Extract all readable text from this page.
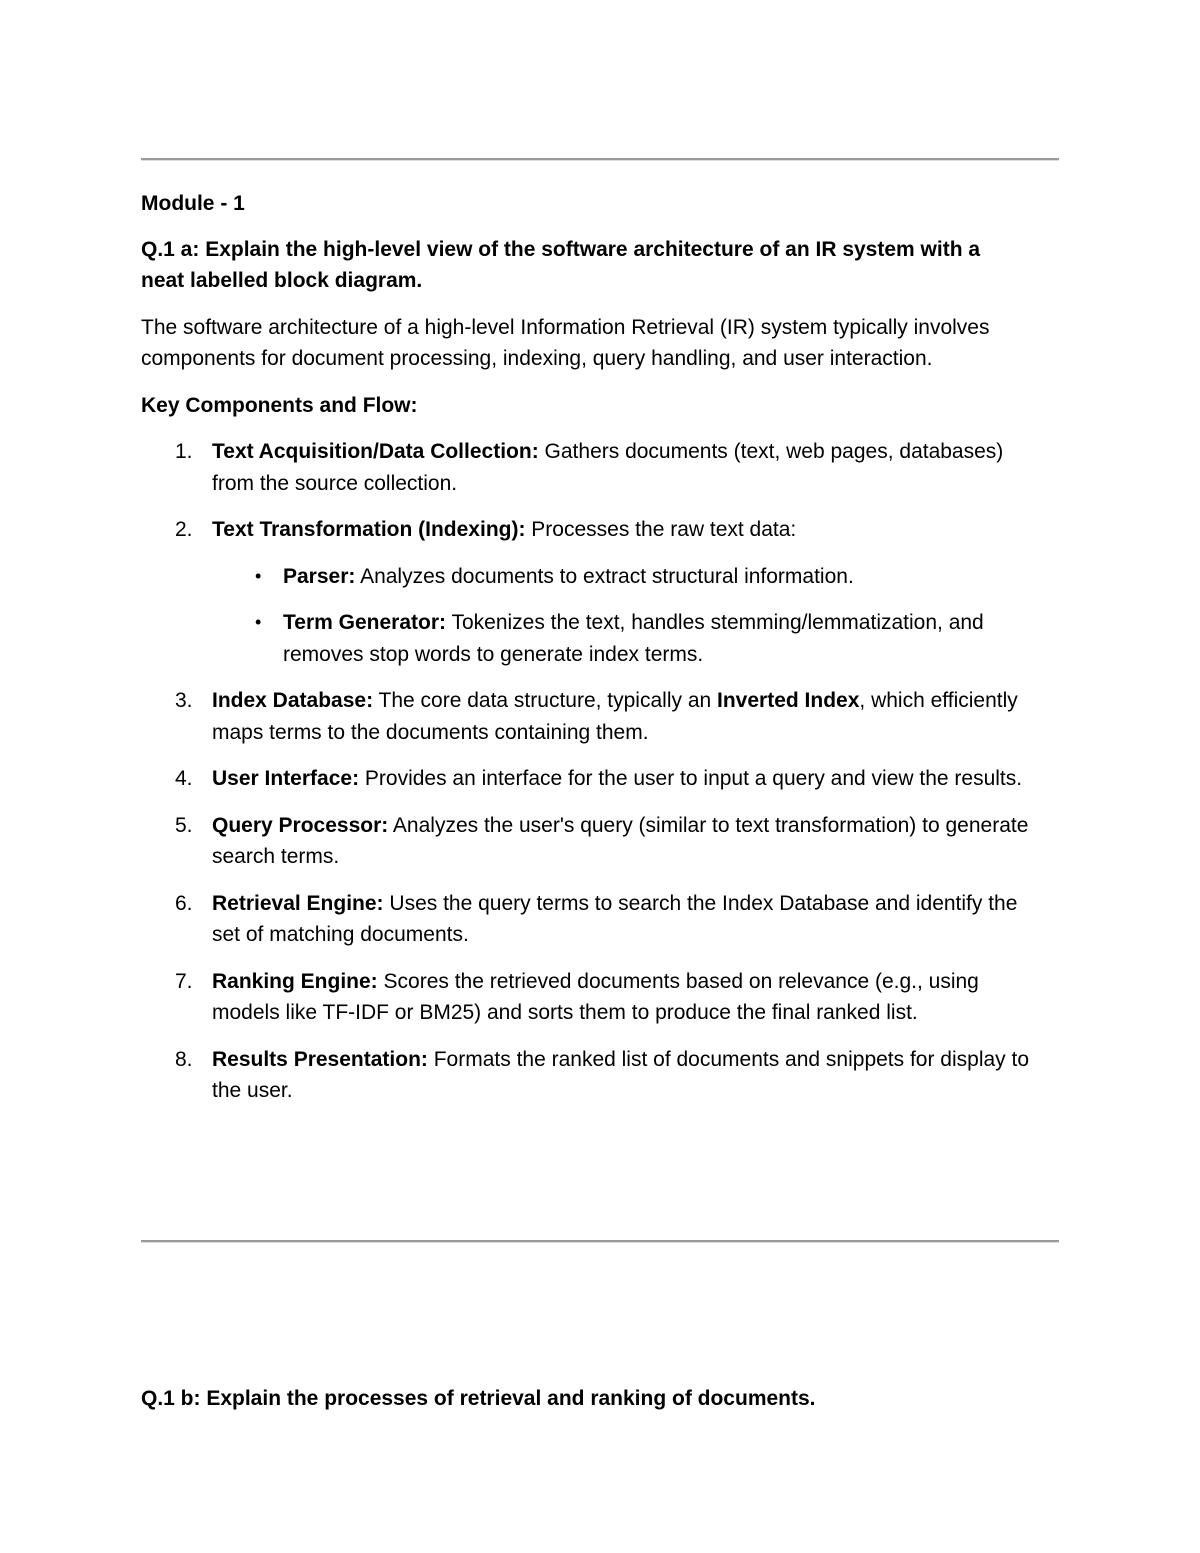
Module - 1

Q.1 a: Explain the high-level view of the software architecture of an IR system with a neat labelled block diagram.

The software architecture of a high-level Information Retrieval (IR) system typically involves components for document processing, indexing, query handling, and user interaction.

Key Components and Flow:

1. Text Acquisition/Data Collection: Gathers documents (text, web pages, databases) from the source collection.
2. Text Transformation (Indexing): Processes the raw text data:
• Parser: Analyzes documents to extract structural information.
• Term Generator: Tokenizes the text, handles stemming/lemmatization, and removes stop words to generate index terms.
3. Index Database: The core data structure, typically an Inverted Index, which efficiently maps terms to the documents containing them.
4. User Interface: Provides an interface for the user to input a query and view the results.
5. Query Processor: Analyzes the user's query (similar to text transformation) to generate search terms.
6. Retrieval Engine: Uses the query terms to search the Index Database and identify the set of matching documents.
7. Ranking Engine: Scores the retrieved documents based on relevance (e.g., using models like TF-IDF or BM25) and sorts them to produce the final ranked list.
8. Results Presentation: Formats the ranked list of documents and snippets for display to the user.

Q.1 b: Explain the processes of retrieval and ranking of documents.
